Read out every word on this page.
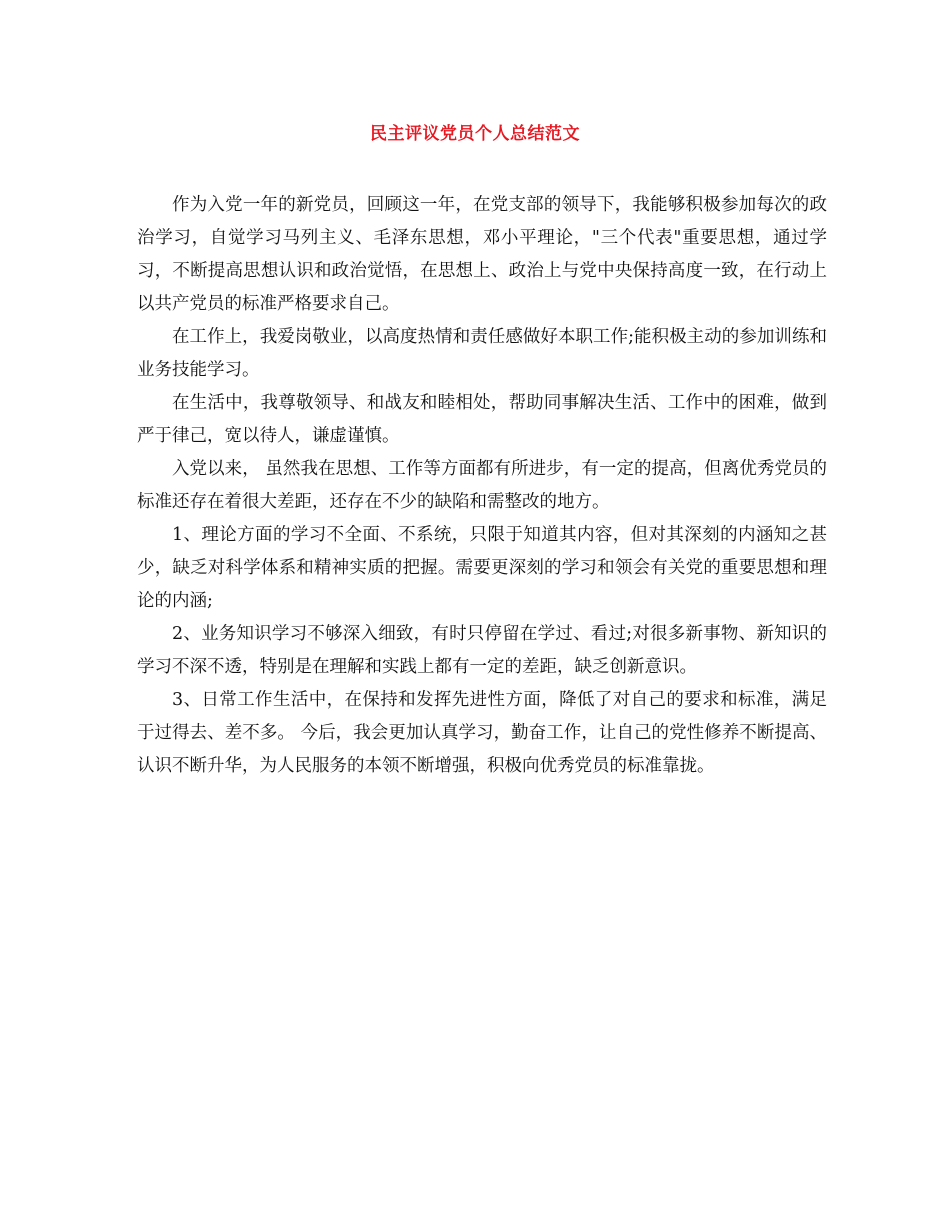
民主评议党员个人总结范文

作为入党一年的新党员，回顾这一年，在党支部的领导下，我能够积极参加每次的政治学习，自觉学习马列主义、毛泽东思想，邓小平理论，"三个代表"重要思想，通过学习，不断提高思想认识和政治觉悟，在思想上、政治上与党中央保持高度一致，在行动上以共产党员的标准严格要求自己。

在工作上，我爱岗敬业，以高度热情和责任感做好本职工作;能积极主动的参加训练和业务技能学习。

在生活中，我尊敬领导、和战友和睦相处，帮助同事解决生活、工作中的困难，做到严于律己，宽以待人，谦虚谨慎。

入党以来， 虽然我在思想、工作等方面都有所进步，有一定的提高，但离优秀党员的标准还存在着很大差距，还存在不少的缺陷和需整改的地方。

1、理论方面的学习不全面、不系统，只限于知道其内容，但对其深刻的内涵知之甚少，缺乏对科学体系和精神实质的把握。需要更深刻的学习和领会有关党的重要思想和理论的内涵;

2、业务知识学习不够深入细致，有时只停留在学过、看过;对很多新事物、新知识的学习不深不透，特别是在理解和实践上都有一定的差距，缺乏创新意识。

3、日常工作生活中，在保持和发挥先进性方面，降低了对自己的要求和标准，满足于过得去、差不多。 今后，我会更加认真学习，勤奋工作，让自己的党性修养不断提高、认识不断升华，为人民服务的本领不断增强，积极向优秀党员的标准靠拢。
